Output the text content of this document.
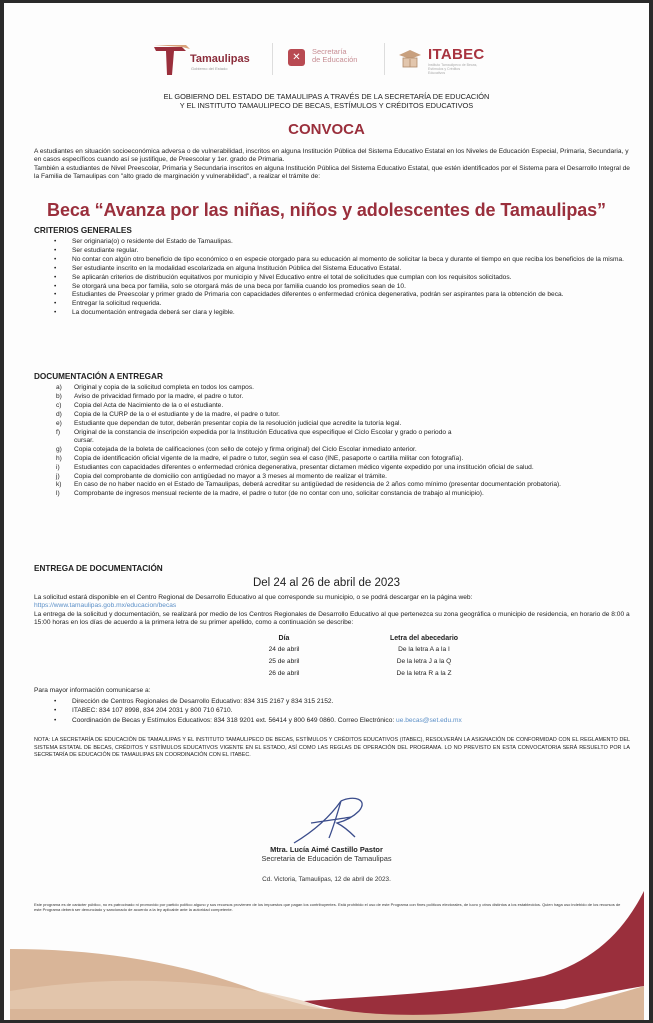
Tamaulipas
Gobierno del Estado
✕
Secretaría
de Educación	ITABEC
Instituto Tamaulipeco de Becas, Estímulos y Créditos Educativos
EL GOBIERNO DEL ESTADO DE TAMAULIPAS A TRAVÉS DE LA SECRETARÍA DE EDUCACIÓN
Y EL INSTITUTO TAMAULIPECO DE BECAS, ESTÍMULOS Y CRÉDITOS EDUCATIVOS
CONVOCA
A estudiantes en situación socioeconómica adversa o de vulnerabilidad, inscritos en alguna Institución Pública del Sistema Educativo Estatal en los Niveles de Educación Especial, Primaria, Secundaria, y en casos específicos cuando así se justifique, de Preescolar y 1er. grado de Primaria.
También a estudiantes de Nivel Preescolar, Primaria y Secundaria inscritos en alguna Institución Pública del Sistema Educativo Estatal, que estén identificados por el Sistema para el Desarrollo Integral de la Familia de Tamaulipas con "alto grado de marginación y vulnerabilidad", a realizar el trámite de:
Beca “Avanza por las niñas, niños y adolescentes de Tamaulipas”
CRITERIOS GENERALES
• Ser originaria(o) o residente del Estado de Tamaulipas.
• Ser estudiante regular.
• No contar con algún otro beneficio de tipo económico o en especie otorgado para su educación al momento de solicitar la beca y durante el tiempo en que reciba los beneficios de la misma.
• Ser estudiante inscrito en la modalidad escolarizada en alguna Institución Pública del Sistema Educativo Estatal.
• Se aplicarán criterios de distribución equitativos por municipio y Nivel Educativo entre el total de solicitudes que cumplan con los requisitos solicitados.
• Se otorgará una beca por familia, solo se otorgará más de una beca por familia cuando los promedios sean de 10.
• Estudiantes de Preescolar y primer grado de Primaria con capacidades diferentes o enfermedad crónica degenerativa, podrán ser aspirantes para la obtención de beca.
• Entregar la solicitud requerida.
• La documentación entregada deberá ser clara y legible.
DOCUMENTACIÓN A ENTREGAR
a) Original y copia de la solicitud completa en todos los campos.
b) Aviso de privacidad firmado por la madre, el padre o tutor.
c) Copia del Acta de Nacimiento de la o el estudiante.
d) Copia de la CURP de la o el estudiante y de la madre, el padre o tutor.
e) Estudiante que dependan de tutor, deberán presentar copia de la resolución judicial que acredite la tutoría legal.
f) Original de la constancia de inscripción expedida por la Institución Educativa que especifique el Ciclo Escolar y grado o periodo a cursar.
g) Copia cotejada de la boleta de calificaciones (con sello de cotejo y firma original) del Ciclo Escolar inmediato anterior.
h) Copia de identificación oficial vigente de la madre, el padre o tutor, según sea el caso (INE, pasaporte o cartilla militar con fotografía).
i) Estudiantes con capacidades diferentes o enfermedad crónica degenerativa, presentar dictamen médico vigente expedido por una institución oficial de salud.
j) Copia del comprobante de domicilio con antigüedad no mayor a 3 meses al momento de realizar el trámite.
k) En caso de no haber nacido en el Estado de Tamaulipas, deberá acreditar su antigüedad de residencia de 2 años como mínimo (presentar documentación probatoria).
l) Comprobante de ingresos mensual reciente de la madre, el padre o tutor (de no contar con uno, solicitar constancia de trabajo al municipio).
ENTREGA DE DOCUMENTACIÓN
Del 24 al 26 de abril de 2023
La solicitud estará disponible en el Centro Regional de Desarrollo Educativo al que corresponde su municipio, o se podrá descargar en la página web:
https://www.tamaulipas.gob.mx/educacion/becas
La entrega de la solicitud y documentación, se realizará por medio de los Centros Regionales de Desarrollo Educativo al que pertenezca su zona geográfica o municipio de residencia, en horario de 8:00 a 15:00 horas en los días de acuerdo a la primera letra de su primer apellido, como a continuación se describe:
Día	Letra del abecedario
24 de abril	De la letra A a la I
25 de abril	De la letra J a la Q
26 de abril	De la letra R a la Z
Para mayor información comunicarse a:
• Dirección de Centros Regionales de Desarrollo Educativo: 834 315 2167 y 834 315 2152.
• ITABEC: 834 107 8998, 834 204 2031 y 800 710 6710.
• Coordinación de Becas y Estímulos Educativos: 834 318 9201 ext. 56414 y 800 649 0860. Correo Electrónico: ue.becas@set.edu.mx
NOTA: LA SECRETARÍA DE EDUCACIÓN DE TAMAULIPAS Y EL INSTITUTO TAMAULIPECO DE BECAS, ESTÍMULOS Y CRÉDITOS EDUCATIVOS (ITABEC), RESOLVERÁN LA ASIGNACIÓN DE CONFORMIDAD CON EL REGLAMENTO DEL SISTEMA ESTATAL DE BECAS, CRÉDITOS Y ESTÍMULOS EDUCATIVOS VIGENTE EN EL ESTADO, ASÍ COMO LAS REGLAS DE OPERACIÓN DEL PROGRAMA. LO NO PREVISTO EN ESTA CONVOCATORIA SERÁ RESUELTO POR LA SECRETARÍA DE EDUCACIÓN DE TAMAULIPAS EN COORDINACIÓN CON EL ITABEC.
Mtra. Lucía Aimé Castillo Pastor
Secretaria de Educación de Tamaulipas
Cd. Victoria, Tamaulipas, 12 de abril de 2023.
Este programa es de carácter público, no es patrocinado ni promovido por partido político alguno y sus recursos provienen de los impuestos que pagan los contribuyentes. Está prohibido el uso de este Programa con fines políticos electorales, de lucro y otros distintos a los establecidos. Quien haga uso indebido de los recursos de este Programa deberá ser denunciado y sancionado de acuerdo a la ley aplicable ante la autoridad competente.
